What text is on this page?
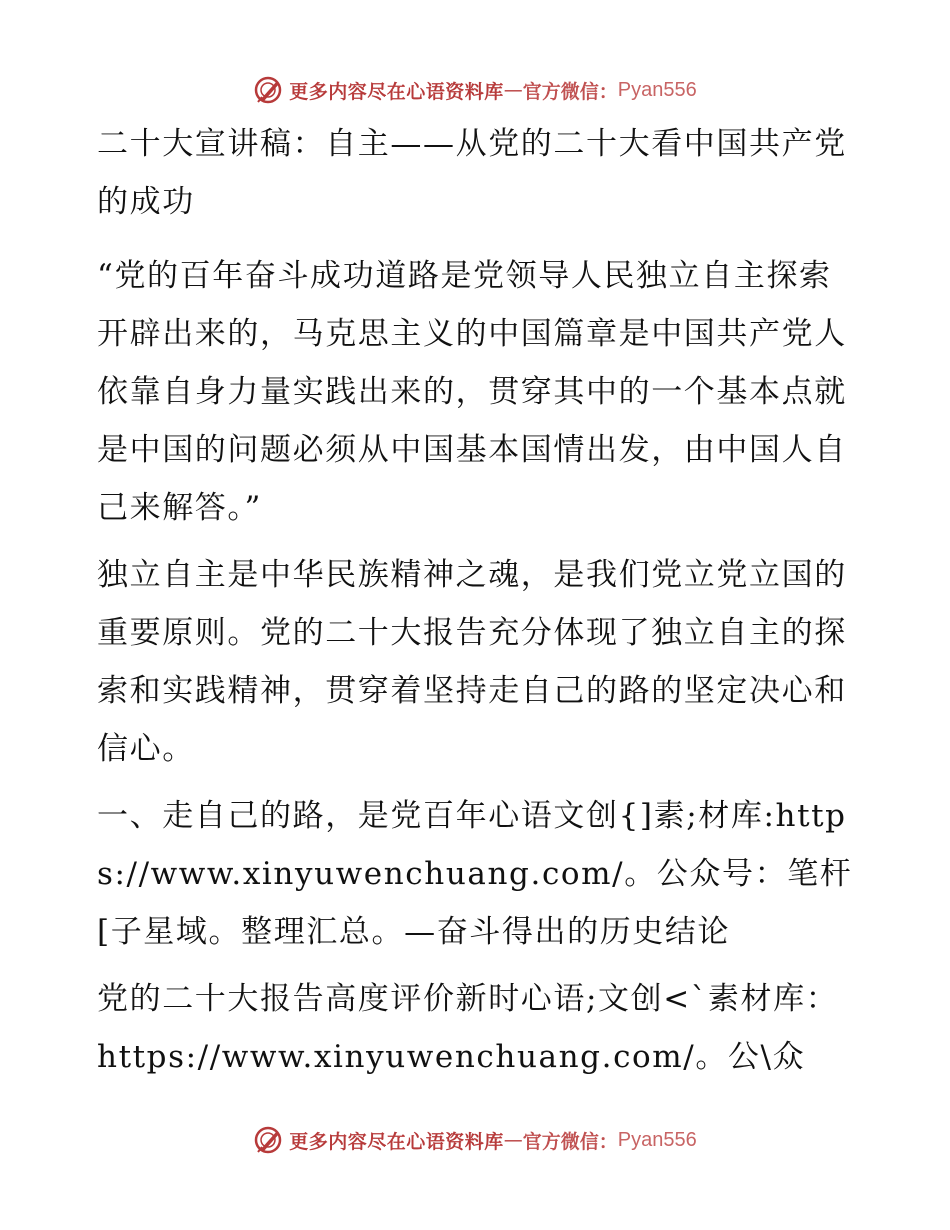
更多内容尽在心语资料库 — 官方微信： Pyan556

二十大宣讲稿：自主——从党的二十大看中国共产党的成功

“党的百年奋斗成功道路是党领导人民独立自主探索开辟出来的，马克思主义的中国篇章是中国共产党人依靠自身力量实践出来的，贯穿其中的一个基本点就是中国的问题必须从中国基本国情出发，由中国人自己来解答。”

独立自主是中华民族精神之魂，是我们党立党立国的重要原则。党的二十大报告充分体现了独立自主的探索和实践精神，贯穿着坚持走自己的路的坚定决心和信心。

一、走自己的路，是党百年心语文创{]素;材库:https://www.xinyuwenchuang.com/。公众号：笔杆[子星域。整理汇总。—奋斗得出的历史结论

党的二十大报告高度评价新时心语;文创<`素材库：https://www.xinyuwenchuang.com/。公\众

更多内容尽在心语资料库 — 官方微信： Pyan556
